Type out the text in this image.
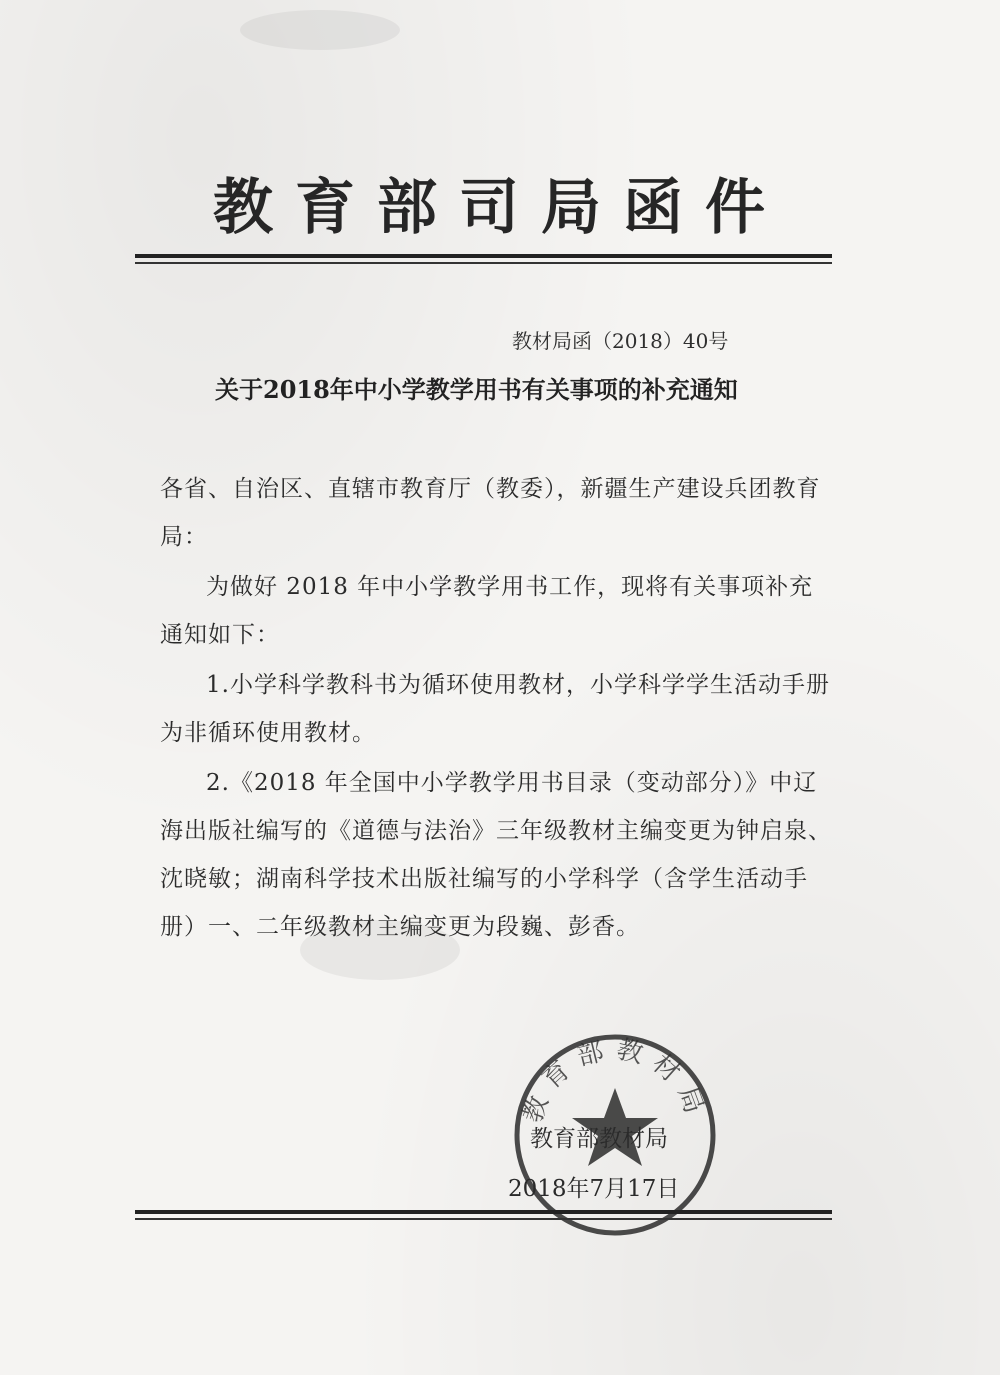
教育部司局函件
教材局函（2018）40号
关于2018年中小学教学用书有关事项的补充通知
各省、自治区、直辖市教育厅（教委），新疆生产建设兵团教育局：
为做好 2018 年中小学教学用书工作，现将有关事项补充通知如下：
1.小学科学教科书为循环使用教材，小学科学学生活动手册为非循环使用教材。
2.《2018 年全国中小学教学用书目录（变动部分）》中辽海出版社编写的《道德与法治》三年级教材主编变更为钟启泉、沈晓敏；湖南科学技术出版社编写的小学科学（含学生活动手册）一、二年级教材主编变更为段巍、彭香。
教育部教材局
教育部教材局
2018年7月17日
